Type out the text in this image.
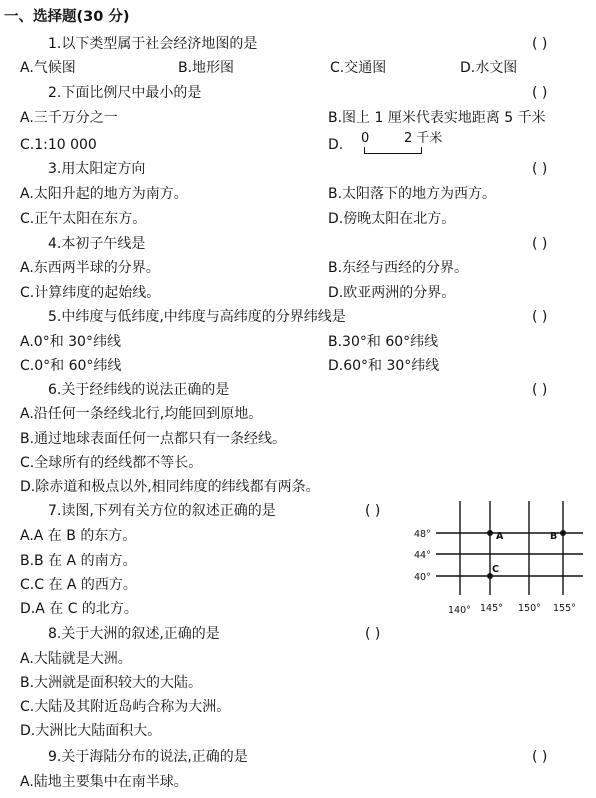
一、选择题(30 分)
1.以下类型属于社会经济地图的是	( )
A.气候图	B.地形图	C.交通图	D.水文图
2.下面比例尺中最小的是	( )
A.三千万分之一	B.图上 1 厘米代表实地距离 5 千米
C.1:10 000	D. 0	2 千米
3.用太阳定方向	( )
A.太阳升起的地方为南方。	B.太阳落下的地方为西方。
C.正午太阳在东方。	D.傍晚太阳在北方。
4.本初子午线是	( )
A.东西两半球的分界。	B.东经与西经的分界。
C.计算纬度的起始线。	D.欧亚两洲的分界。
5.中纬度与低纬度,中纬度与高纬度的分界纬线是	( )
A.0°和 30°纬线	B.30°和 60°纬线
C.0°和 60°纬线	D.60°和 30°纬线
6.关于经纬线的说法正确的是	( )
A.沿任何一条经线北行,均能回到原地。
B.通过地球表面任何一点都只有一条经线。
C.全球所有的经线都不等长。
D.除赤道和极点以外,相同纬度的纬线都有两条。
7.读图,下列有关方位的叙述正确的是	( )
A.A 在 B 的东方。
B.B 在 A 的南方。
C.C 在 A 的西方。
D.A 在 C 的北方。
48°
44°
40°
140° 145° 150° 155°
A	B
C
8.关于大洲的叙述,正确的是	( )
A.大陆就是大洲。
B.大洲就是面积较大的大陆。
C.大陆及其附近岛屿合称为大洲。
D.大洲比大陆面积大。
9.关于海陆分布的说法,正确的是	( )
A.陆地主要集中在南半球。
